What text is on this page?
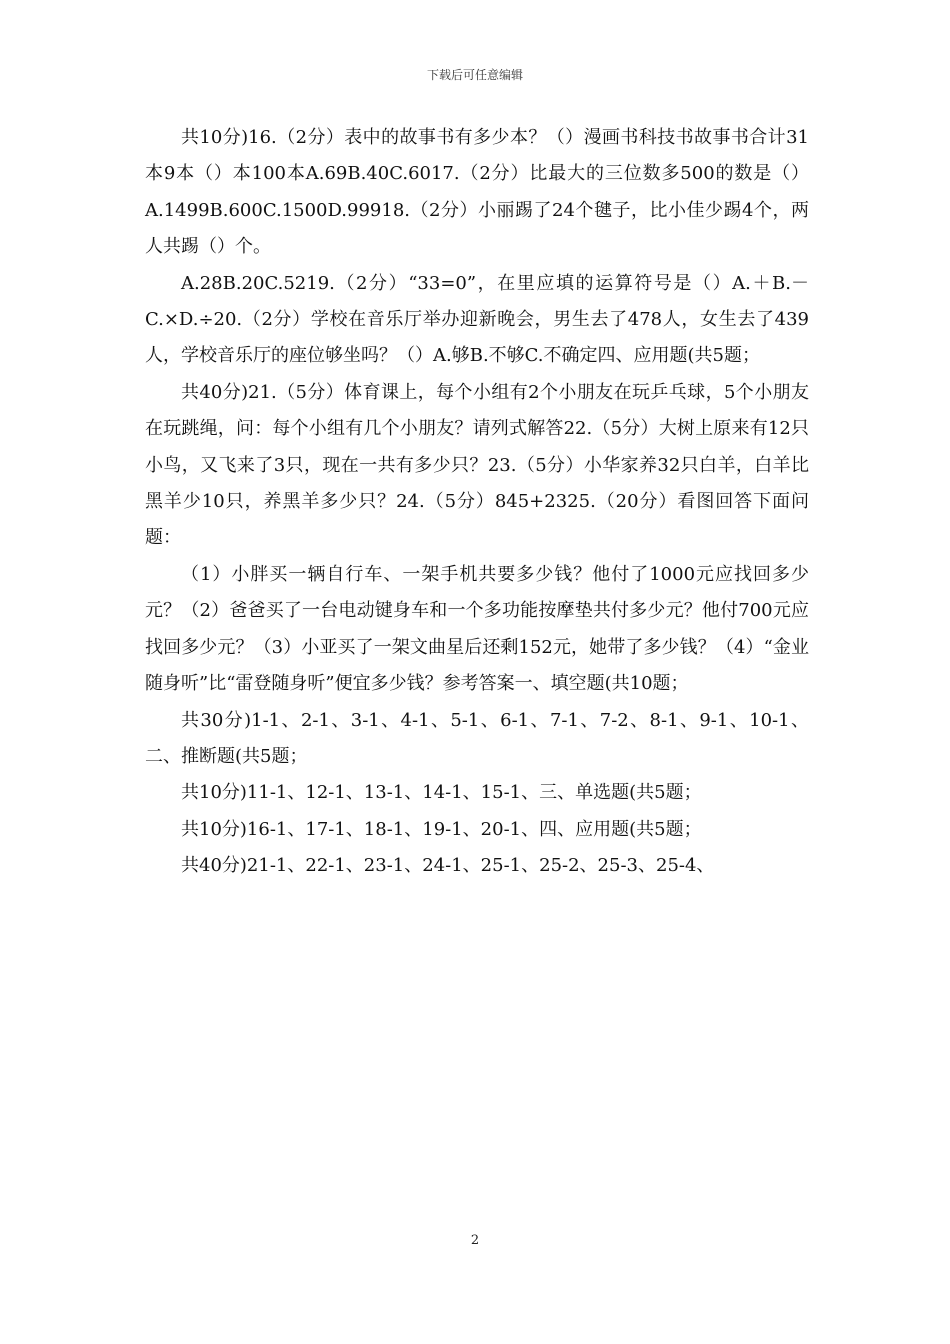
下载后可任意编辑

共10分)16.（2分）表中的故事书有多少本？（）漫画书科技书故事书合计31本9本（）本100本A.69B.40C.6017.（2分）比最大的三位数多500的数是（）A.1499B.600C.1500D.99918.（2分）小丽踢了24个毽子，比小佳少踢4个，两人共踢（）个。

A.28B.20C.5219.（2分）“33=0”，在里应填的运算符号是（）A.＋B.－C.×D.÷20.（2分）学校在音乐厅举办迎新晚会，男生去了478人，女生去了439人，学校音乐厅的座位够坐吗？（）A.够B.不够C.不确定四、应用题(共5题；

共40分)21.（5分）体育课上，每个小组有2个小朋友在玩乒乓球，5个小朋友在玩跳绳，问：每个小组有几个小朋友？请列式解答22.（5分）大树上原来有12只小鸟，又飞来了3只，现在一共有多少只？23.（5分）小华家养32只白羊，白羊比黑羊少10只，养黑羊多少只？24.（5分）845+2325.（20分）看图回答下面问题：

（1）小胖买一辆自行车、一架手机共要多少钱？他付了1000元应找回多少元？（2）爸爸买了一台电动键身车和一个多功能按摩垫共付多少元？他付700元应找回多少元？（3）小亚买了一架文曲星后还剩152元，她带了多少钱？（4）“金业随身听”比“雷登随身听”便宜多少钱？参考答案一、填空题(共10题；

共30分)1-1、2-1、3-1、4-1、5-1、6-1、7-1、7-2、8-1、9-1、10-1、二、推断题(共5题；

共10分)11-1、12-1、13-1、14-1、15-1、三、单选题(共5题；

共10分)16-1、17-1、18-1、19-1、20-1、四、应用题(共5题；

共40分)21-1、22-1、23-1、24-1、25-1、25-2、25-3、25-4、

2
